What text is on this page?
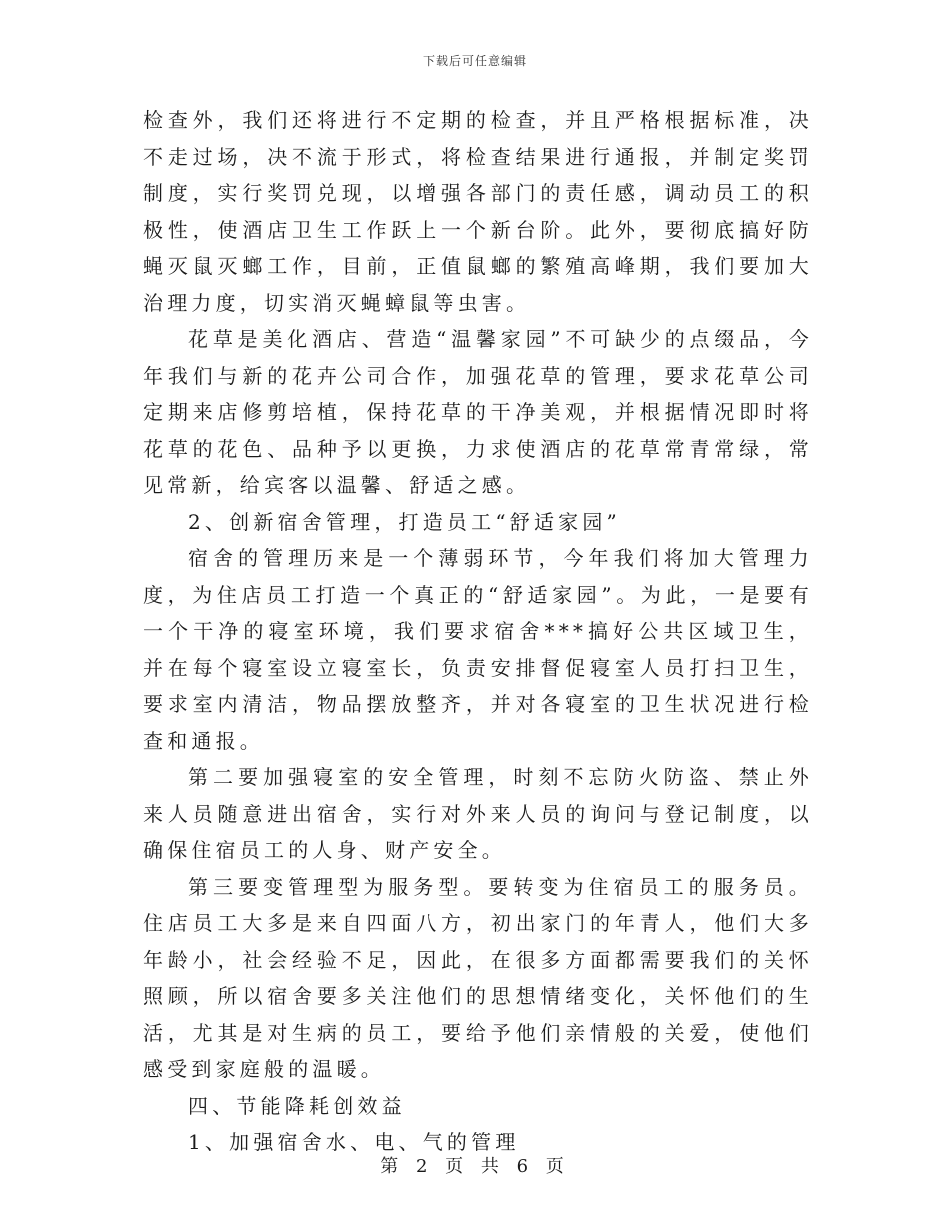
下载后可任意编辑

检查外，我们还将进行不定期的检查，并且严格根据标准，决不走过场，决不流于形式，将检查结果进行通报，并制定奖罚制度，实行奖罚兑现，以增强各部门的责任感，调动员工的积极性，使酒店卫生工作跃上一个新台阶。此外，要彻底搞好防蝇灭鼠灭螂工作，目前，正值鼠螂的繁殖高峰期，我们要加大治理力度，切实消灭蝇蟑鼠等虫害。

花草是美化酒店、营造“温馨家园”不可缺少的点缀品，今年我们与新的花卉公司合作，加强花草的管理，要求花草公司定期来店修剪培植，保持花草的干净美观，并根据情况即时将花草的花色、品种予以更换，力求使酒店的花草常青常绿，常见常新，给宾客以温馨、舒适之感。

2、创新宿舍管理，打造员工“舒适家园”

宿舍的管理历来是一个薄弱环节，今年我们将加大管理力度，为住店员工打造一个真正的“舒适家园”。为此，一是要有一个干净的寝室环境，我们要求宿舍***搞好公共区域卫生，并在每个寝室设立寝室长，负责安排督促寝室人员打扫卫生，要求室内清洁，物品摆放整齐，并对各寝室的卫生状况进行检查和通报。

第二要加强寝室的安全管理，时刻不忘防火防盗、禁止外来人员随意进出宿舍，实行对外来人员的询问与登记制度，以确保住宿员工的人身、财产安全。

第三要变管理型为服务型。要转变为住宿员工的服务员。住店员工大多是来自四面八方，初出家门的年青人，他们大多年龄小，社会经验不足，因此，在很多方面都需要我们的关怀照顾，所以宿舍要多关注他们的思想情绪变化，关怀他们的生活，尤其是对生病的员工，要给予他们亲情般的关爱，使他们感受到家庭般的温暖。

四、节能降耗创效益

1、加强宿舍水、电、气的管理

第 2 页 共 6 页
